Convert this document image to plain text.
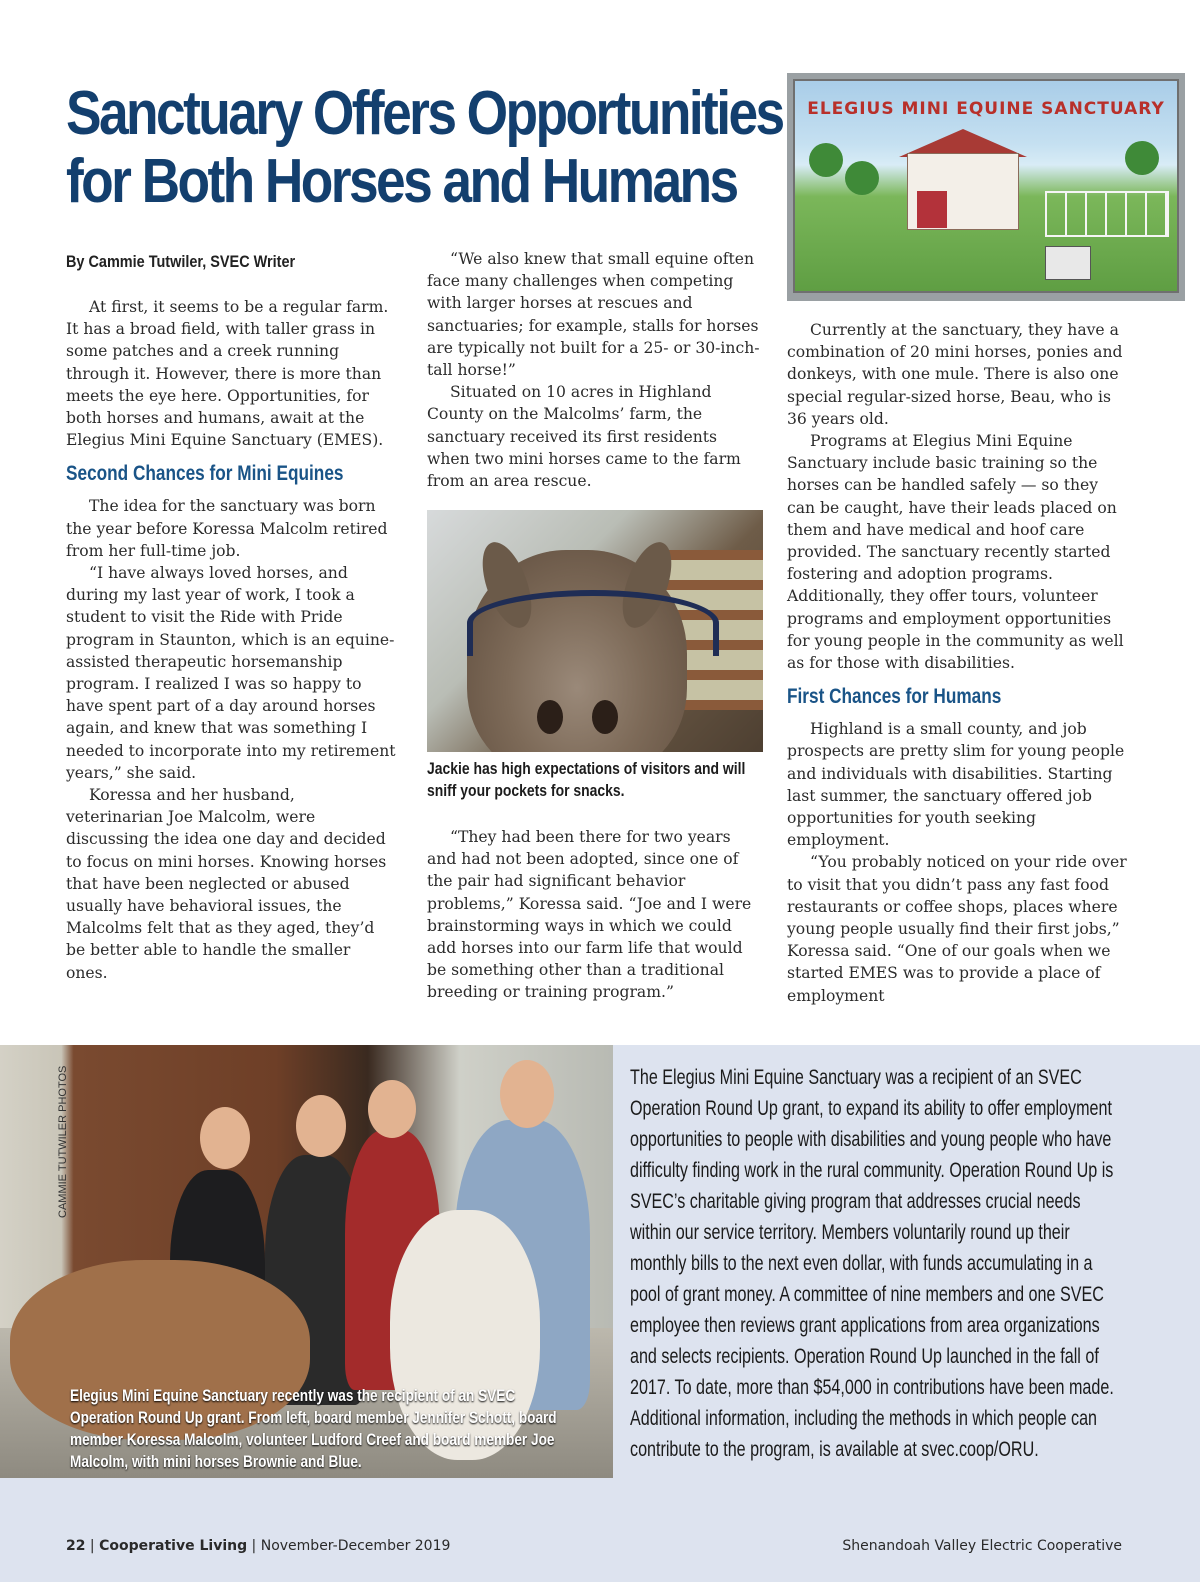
Sanctuary Offers Opportunities
for Both Horses and Humans
By Cammie Tutwiler, SVEC Writer

At first, it seems to be a regular farm. It has a broad field, with taller grass in some patches and a creek running through it. However, there is more than meets the eye here. Opportunities, for both horses and humans, await at the Elegius Mini Equine Sanctuary (EMES).

Second Chances for Mini Equines

The idea for the sanctuary was born the year before Koressa Malcolm retired from her full-time job.

“I have always loved horses, and during my last year of work, I took a student to visit the Ride with Pride program in Staunton, which is an equine-assisted therapeutic horsemanship program. I realized I was so happy to have spent part of a day around horses again, and knew that was something I needed to incorporate into my retirement years,” she said.

Koressa and her husband, veterinarian Joe Malcolm, were discussing the idea one day and decided to focus on mini horses. Knowing horses that have been neglected or abused usually have behavioral issues, the Malcolms felt that as they aged, they’d be better able to handle the smaller ones.

“We also knew that small equine often face many challenges when competing with larger horses at rescues and sanctuaries; for example, stalls for horses are typically not built for a 25- or 30-inch-tall horse!”

Situated on 10 acres in Highland County on the Malcolms’ farm, the sanctuary received its first residents when two mini horses came to the farm from an area rescue.

Jackie has high expectations of visitors and will sniff your pockets for snacks.

“They had been there for two years and had not been adopted, since one of the pair had significant behavior problems,” Koressa said. “Joe and I were brainstorming ways in which we could add horses into our farm life that would be something other than a traditional breeding or training program.”

ELEGIUS MINI EQUINE SANCTUARY

Currently at the sanctuary, they have a combination of 20 mini horses, ponies and donkeys, with one mule. There is also one special regular-sized horse, Beau, who is 36 years old.

Programs at Elegius Mini Equine Sanctuary include basic training so the horses can be handled safely — so they can be caught, have their leads placed on them and have medical and hoof care provided. The sanctuary recently started fostering and adoption programs. Additionally, they offer tours, volunteer programs and employment opportunities for young people in the community as well as for those with disabilities.

First Chances for Humans

Highland is a small county, and job prospects are pretty slim for young people and individuals with disabilities. Starting last summer, the sanctuary offered job opportunities for youth seeking employment.

“You probably noticed on your ride over to visit that you didn’t pass any fast food restaurants or coffee shops, places where young people usually find their first jobs,” Koressa said. “One of our goals when we started EMES was to provide a place of employment

CAMMIE TUTWILER PHOTOS
Elegius Mini Equine Sanctuary recently was the recipient of an SVEC Operation Round Up grant. From left, board member Jennifer Schott, board member Koressa Malcolm, volunteer Ludford Creef and board member Joe Malcolm, with mini horses Brownie and Blue.
The Elegius Mini Equine Sanctuary was a recipient of an SVEC Operation Round Up grant, to expand its ability to offer employment opportunities to people with disabilities and young people who have difficulty finding work in the rural community. Operation Round Up is SVEC’s charitable giving program that addresses crucial needs within our service territory. Members voluntarily round up their monthly bills to the next even dollar, with funds accumulating in a pool of grant money. A committee of nine members and one SVEC employee then reviews grant applications from area organizations and selects recipients. Operation Round Up launched in the fall of 2017. To date, more than $54,000 in contributions have been made. Additional information, including the methods in which people can contribute to the program, is available at svec.coop/ORU.
22 | Cooperative Living | November-December 2019	Shenandoah Valley Electric Cooperative
